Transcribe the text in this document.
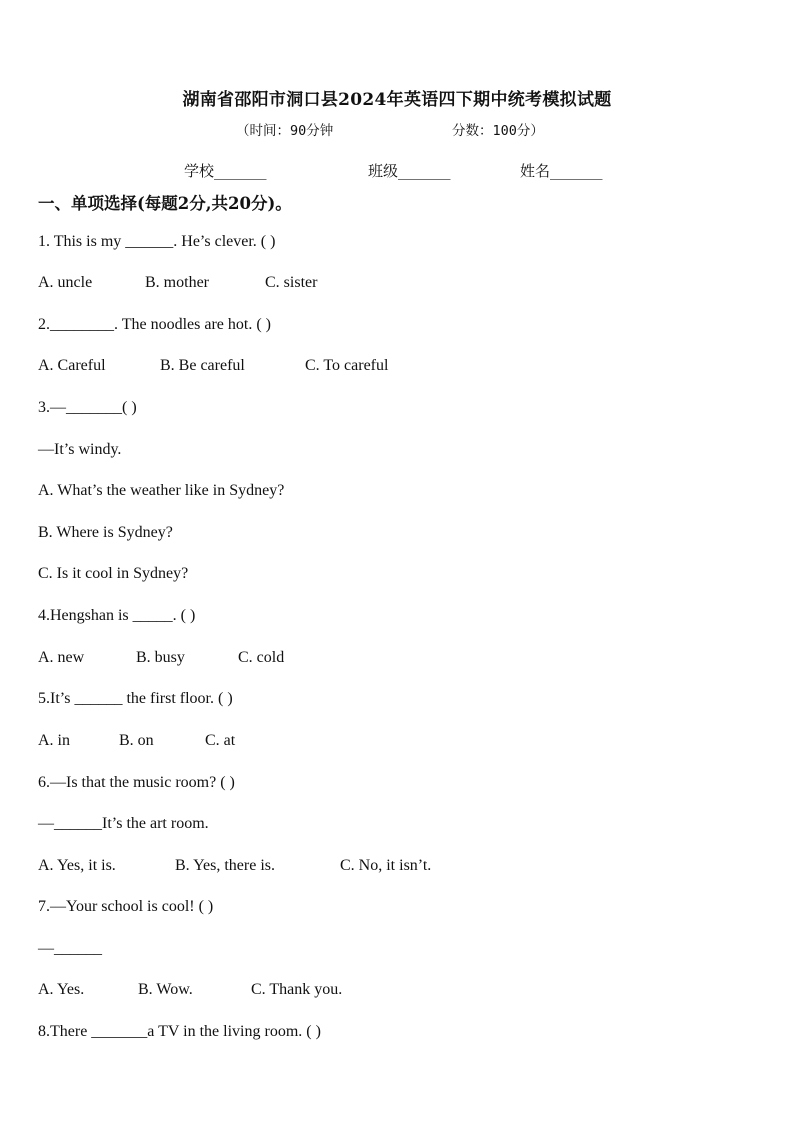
湖南省邵阳市洞口县2024年英语四下期中统考模拟试题
（时间：90分钟	分数：100分）
学校_______	班级_______	姓名_______
一、单项选择(每题2分,共20分)。
1. This is my ______. He’s clever. ( )
A. uncle	B. mother	C. sister
2.________. The noodles are hot. ( )
A. Careful	B. Be careful	C. To careful
3.—_______( )
—It’s windy.
A. What’s the weather like in Sydney?
B. Where is Sydney?
C. Is it cool in Sydney?
4.Hengshan is _____. ( )
A. new	B. busy	C. cold
5.It’s ______ the first floor. ( )
A. in	B. on	C. at
6.—Is that the music room? ( )
—______It’s the art room.
A. Yes, it is.	B. Yes, there is.	C. No, it isn’t.
7.—Your school is cool! ( )
—______
A. Yes.	B. Wow.	C. Thank you.
8.There _______a TV in the living room. ( )
